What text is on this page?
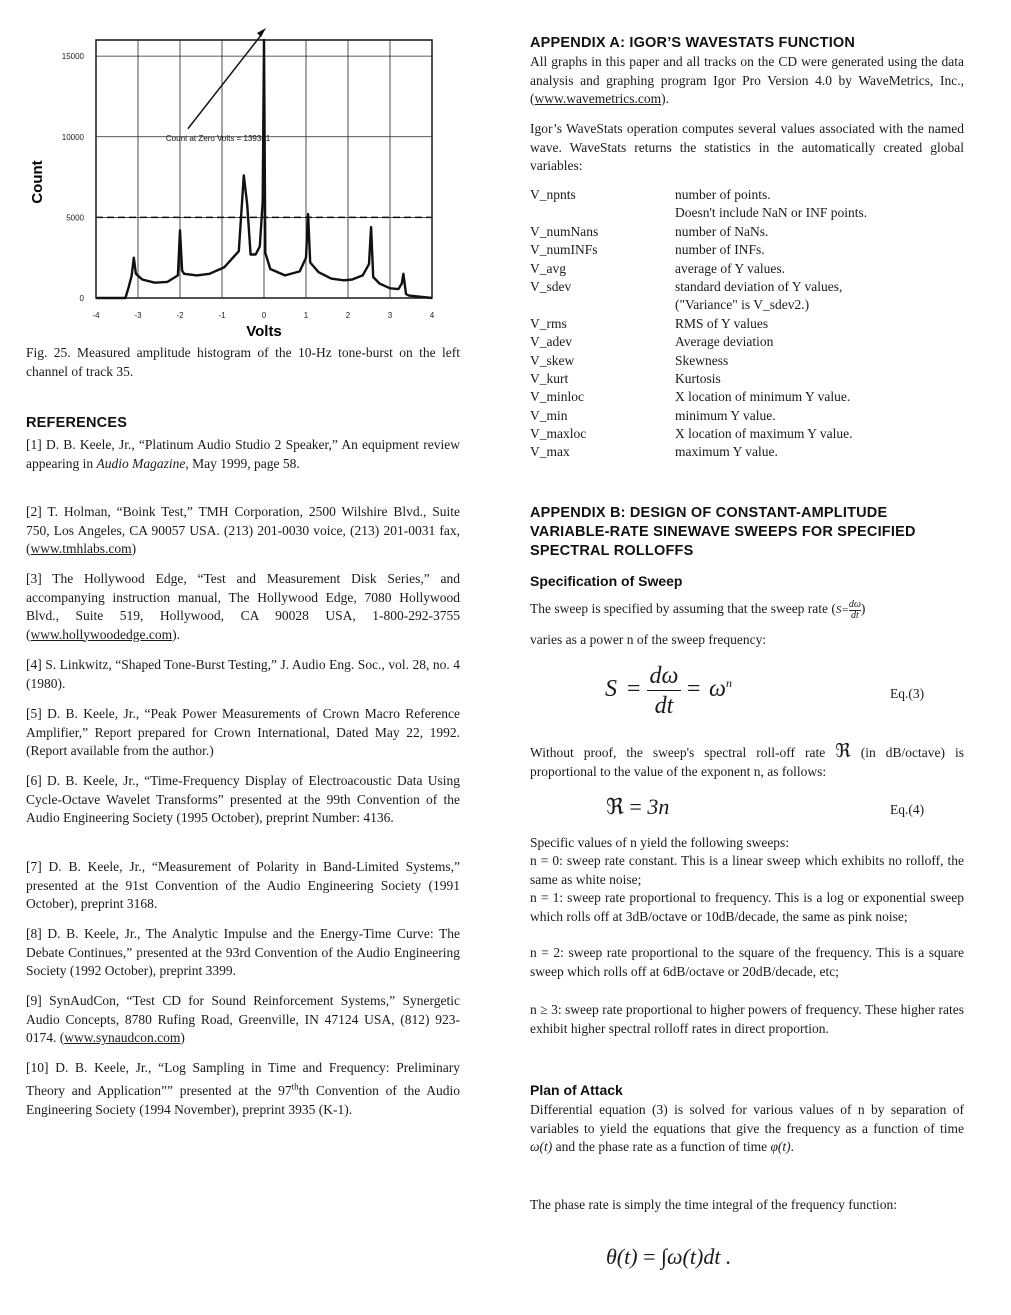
-4	-3	-2	-1	0	1	2	3	4
0
5000
10000
15000
Count at Zero Volts = 139361
Count
Volts

Fig. 25. Measured amplitude histogram of the 10-Hz tone-burst on the left channel of track 35.

REFERENCES

[1] D. B. Keele, Jr., “Platinum Audio Studio 2 Speaker,” An equipment review appearing in Audio Magazine, May 1999, page 58.

[2] T. Holman, “Boink Test,” TMH Corporation, 2500 Wilshire Blvd., Suite 750, Los Angeles, CA 90057 USA. (213) 201-0030 voice, (213) 201-0031 fax, (www.tmhlabs.com)

[3] The Hollywood Edge, “Test and Measurement Disk Series,” and accompanying instruction manual, The Hollywood Edge, 7080 Hollywood Blvd., Suite 519, Hollywood, CA 90028 USA, 1-800-292-3755 (www.hollywoodedge.com).

[4] S. Linkwitz, “Shaped Tone-Burst Testing,” J. Audio Eng. Soc., vol. 28, no. 4 (1980).

[5] D. B. Keele, Jr., “Peak Power Measurements of Crown Macro Reference Amplifier,” Report prepared for Crown International, Dated May 22, 1992. (Report available from the author.)

[6] D. B. Keele, Jr., “Time-Frequency Display of Electroacoustic Data Using Cycle-Octave Wavelet Transforms” presented at the 99th Convention of the Audio Engineering Society (1995 October), preprint Number: 4136.

[7] D. B. Keele, Jr., “Measurement of Polarity in Band-Limited Systems,” presented at the 91st Convention of the Audio Engineering Society (1991 October), preprint 3168.

[8] D. B. Keele, Jr., The Analytic Impulse and the Energy-Time Curve: The Debate Continues,” presented at the 93rd Convention of the Audio Engineering Society (1992 October), preprint 3399.

[9] SynAudCon, “Test CD for Sound Reinforcement Systems,” Synergetic Audio Concepts, 8780 Rufing Road, Greenville, IN 47124 USA, (812) 923-0174. (www.synaudcon.com)

[10] D. B. Keele, Jr., “Log Sampling in Time and Frequency: Preliminary Theory and Application”” presented at the 97thth Convention of the Audio Engineering Society (1994 November), preprint 3935 (K-1).

APPENDIX A: IGOR’S WAVESTATS FUNCTION

All graphs in this paper and all tracks on the CD were generated using the data analysis and graphing program Igor Pro Version 4.0 by WaveMetrics, Inc., (www.wavemetrics.com).

Igor’s WaveStats operation computes several values associated with the named wave. WaveStats returns the statistics in the automatically created global variables:

V_npnts	number of points.
Doesn't include NaN or INF points.
V_numNans	number of NaNs.
V_numINFs	number of INFs.
V_avg	average of Y values.
V_sdev	standard deviation of Y values,
("Variance" is V_sdev2.)
V_rms	RMS of Y values
V_adev	Average deviation
V_skew	Skewness
V_kurt	Kurtosis
V_minloc	X location of minimum Y value.
V_min	minimum Y value.
V_maxloc	X location of maximum Y value.
V_max	maximum Y value.
APPENDIX B: DESIGN OF CONSTANT-AMPLITUDE
VARIABLE-RATE SINEWAVE SWEEPS FOR SPECIFIED
SPECTRAL ROLLOFFS
Specification of Sweep

The sweep is specified by assuming that the sweep rate ($S= \frac{d\omega}{dt}$ )

varies as a power n of the sweep frequency:

S = dω
dt
= $\omega^n$
Eq.(3)

Without proof, the sweep's spectral roll-off rate ℜ (in dB/octave) is proportional to the value of the exponent n, as follows:

ℜ = 3n	Eq.(4)

Specific values of n yield the following sweeps:

n = 0: sweep rate constant. This is a linear sweep which exhibits no rolloff, the same as white noise;

n = 1: sweep rate proportional to frequency. This is a log or exponential sweep which rolls off at 3dB/octave or 10dB/decade, the same as pink noise;

n = 2: sweep rate proportional to the square of the frequency. This is a square sweep which rolls off at 6dB/octave or 20dB/decade, etc;

n ≥ 3: sweep rate proportional to higher powers of frequency. These higher rates exhibit higher spectral rolloff rates in direct proportion.

Plan of Attack

Differential equation (3) is solved for various values of n by separation of variables to yield the equations that give the frequency as a function of time ω(t) and the phase rate as a function of time φ(t).

The phase rate is simply the time integral of the frequency function:

θ(t) = ∫ω(t)dt .
